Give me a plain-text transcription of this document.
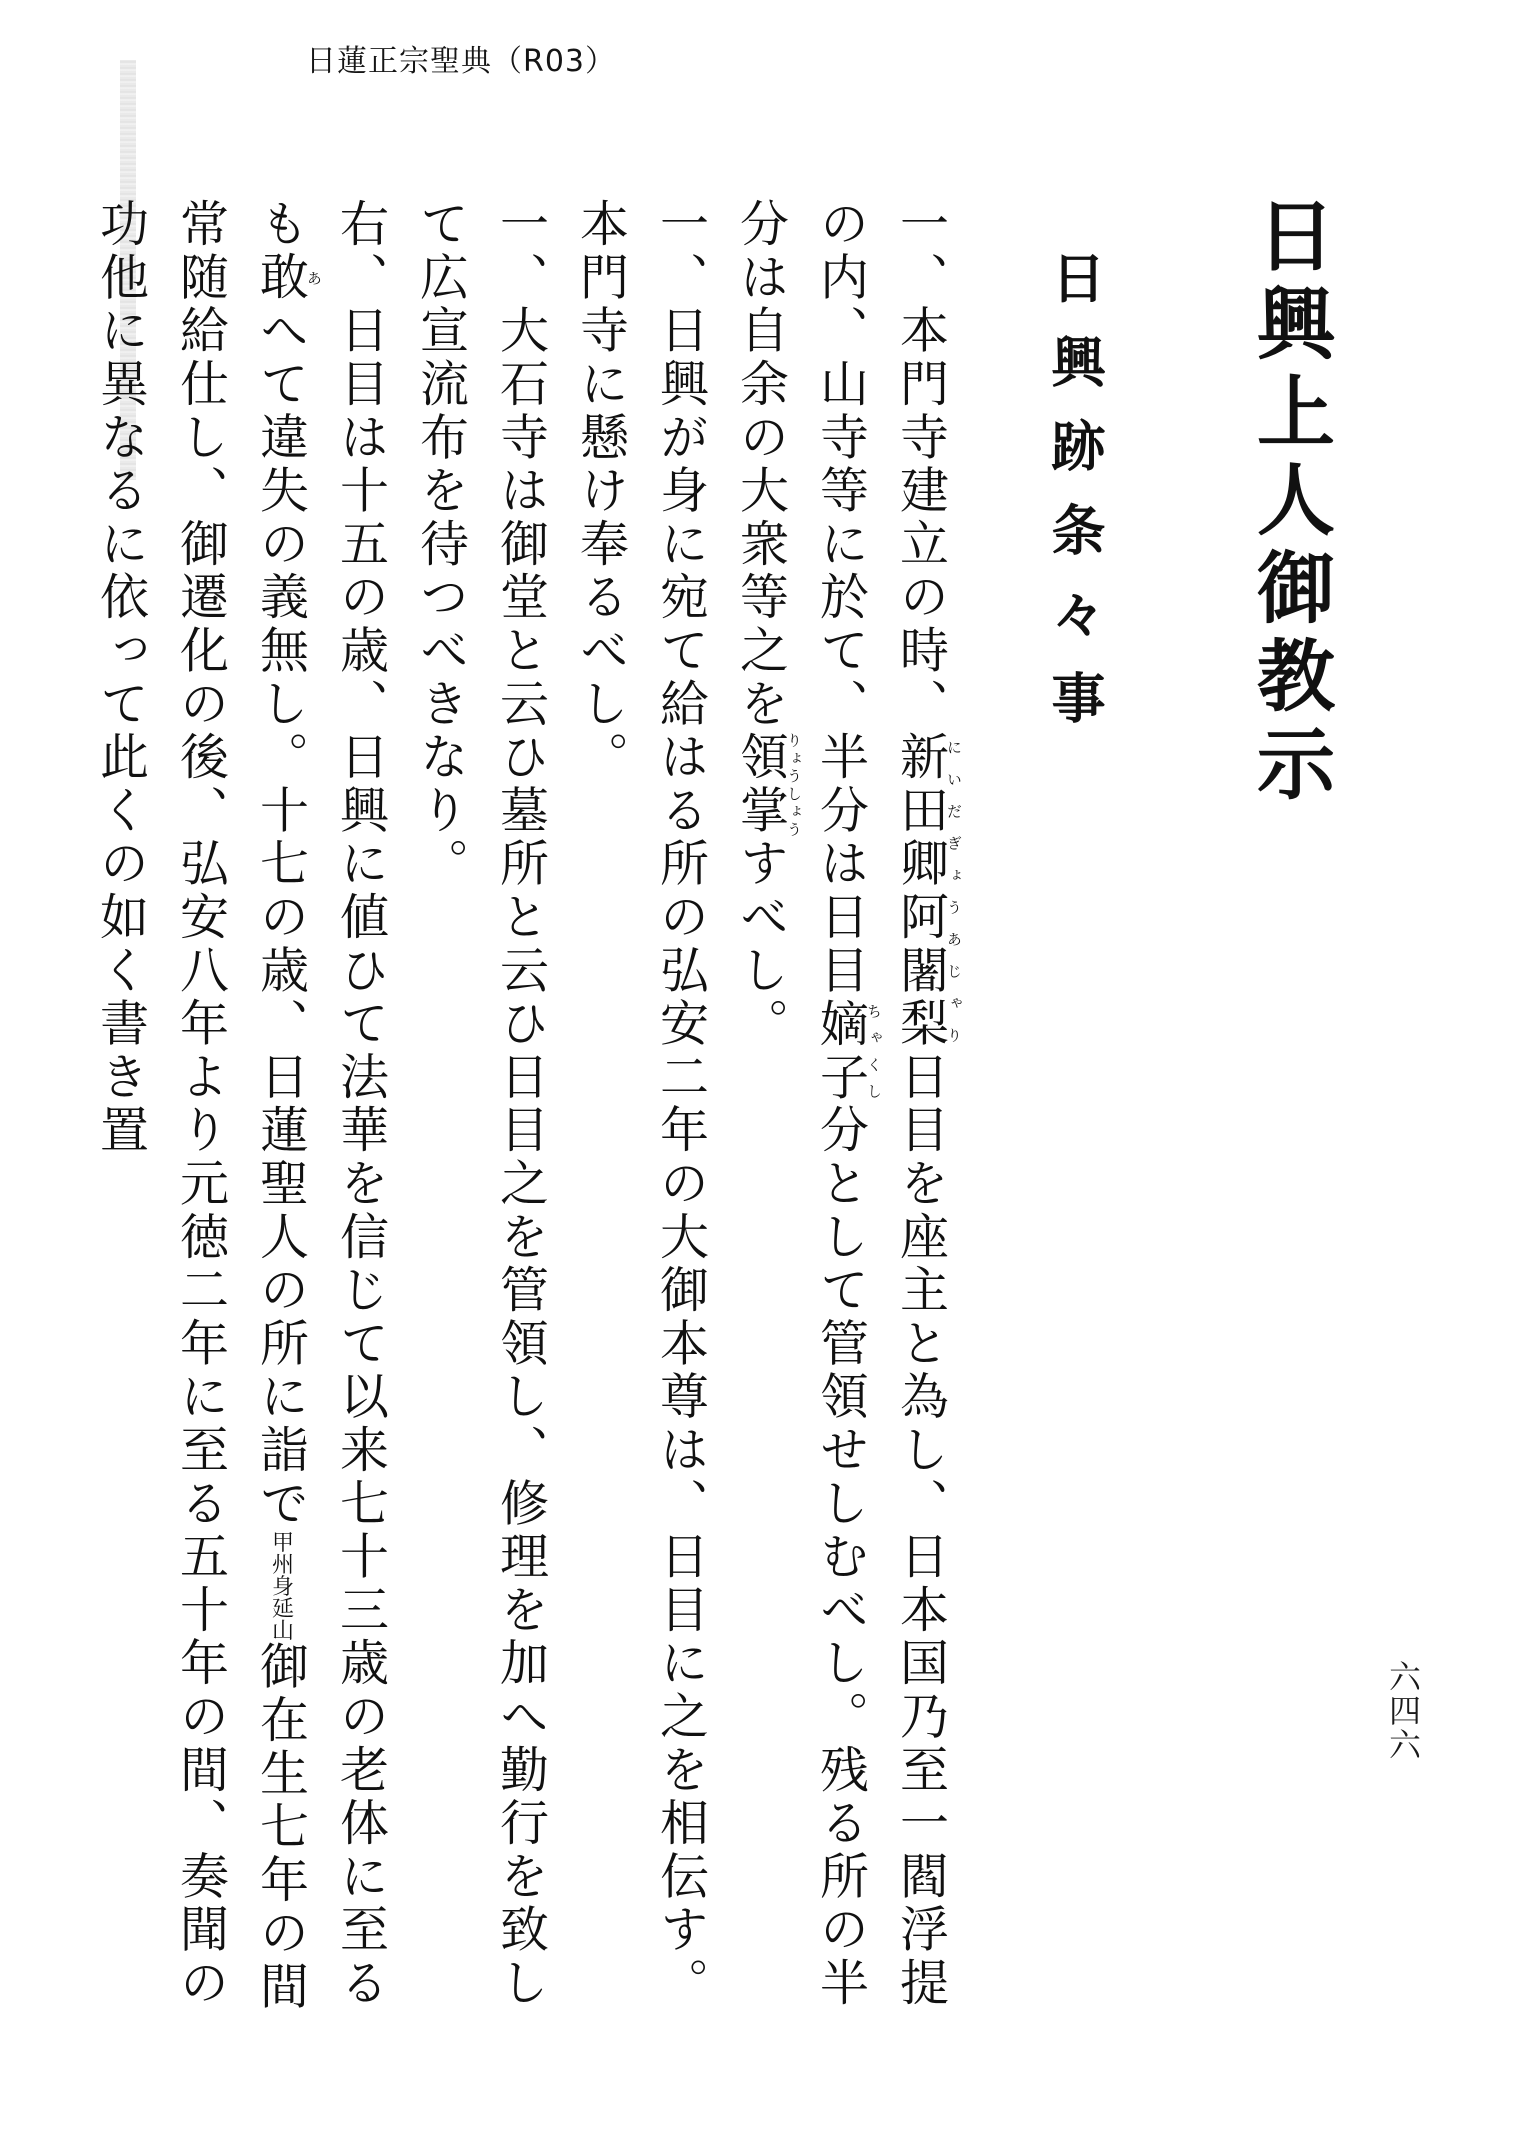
日蓮正宗聖典（R03）
六四六
日興上人御教示
日興跡条々事
一、本門寺建立の時、新田卿阿闍梨にいだぎょうあじゃり日目を座主と為し、日本国乃至一閻浮提の内、山寺等に於て、半分は日目嫡子ちゃくし分として管領せしむべし。残る所の半分は自余の大衆等之を領掌りょうしょうすべし。
一、日興が身に宛て給はる所の弘安二年の大御本尊は、日目に之を相伝す。本門寺に懸け奉るべし。
一、大石寺は御堂と云ひ墓所と云ひ日目之を管領し、修理を加へ勤行を致して広宣流布を待つべきなり。
右、日目は十五の歳、日興に値ひて法華を信じて以来七十三歳の老体に至るも敢あへて違失の義無し。十七の歳、日蓮聖人の所に詣で甲州身延山御在生七年の間常随給仕し、御遷化の後、弘安八年より元徳二年に至る五十年の間、奏聞の功他に異なるに依って此くの如く書き置
